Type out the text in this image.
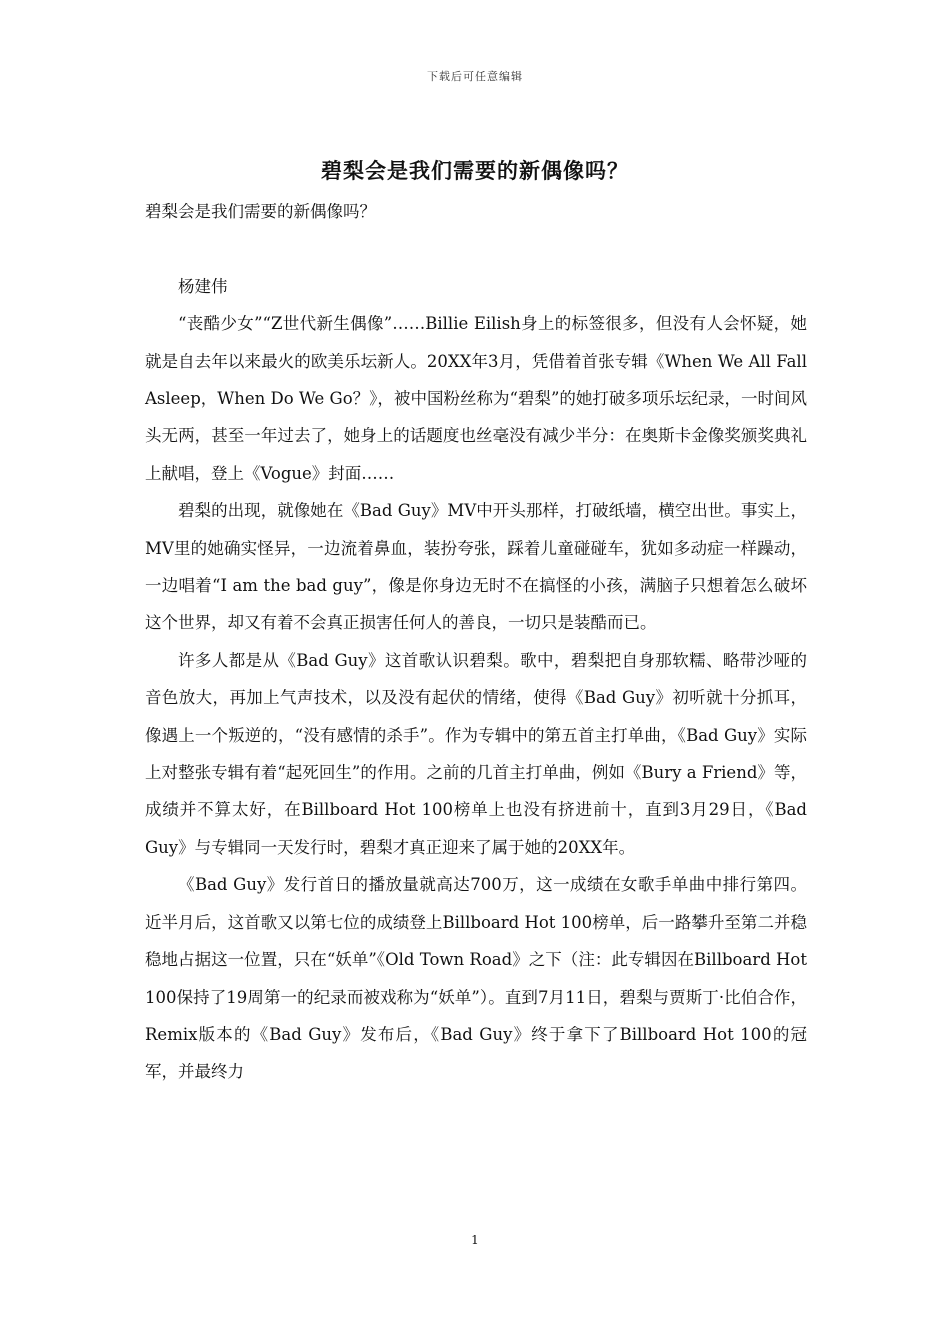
下载后可任意编辑
碧梨会是我们需要的新偶像吗？

碧梨会是我们需要的新偶像吗？

杨建伟

“丧酷少女”“Z世代新生偶像”……Billie Eilish身上的标签很多，但没有人会怀疑，她就是自去年以来最火的欧美乐坛新人。20XX年3月，凭借着首张专辑《When We All Fall Asleep，When Do We Go？》，被中国粉丝称为“碧梨”的她打破多项乐坛纪录，一时间风头无两，甚至一年过去了，她身上的话题度也丝毫没有减少半分：在奥斯卡金像奖颁奖典礼上献唱，登上《Vogue》封面……

碧梨的出现，就像她在《Bad Guy》MV中开头那样，打破纸墙，横空出世。事实上，MV里的她确实怪异，一边流着鼻血，装扮夸张，踩着儿童碰碰车，犹如多动症一样躁动，一边唱着“I am the bad guy”，像是你身边无时不在搞怪的小孩，满脑子只想着怎么破坏这个世界，却又有着不会真正损害任何人的善良，一切只是装酷而已。

许多人都是从《Bad Guy》这首歌认识碧梨。歌中，碧梨把自身那软糯、略带沙哑的音色放大，再加上气声技术，以及没有起伏的情绪，使得《Bad Guy》初听就十分抓耳，像遇上一个叛逆的，“没有感情的杀手”。作为专辑中的第五首主打单曲，《Bad Guy》实际上对整张专辑有着“起死回生”的作用。之前的几首主打单曲，例如《Bury a Friend》等，成绩并不算太好，在Billboard Hot 100榜单上也没有挤进前十，直到3月29日，《Bad Guy》与专辑同一天发行时，碧梨才真正迎来了属于她的20XX年。

《Bad Guy》发行首日的播放量就高达700万，这一成绩在女歌手单曲中排行第四。近半月后，这首歌又以第七位的成绩登上Billboard Hot 100榜单，后一路攀升至第二并稳稳地占据这一位置，只在“妖单”《Old Town Road》之下（注：此专辑因在Billboard Hot 100保持了19周第一的纪录而被戏称为“妖单”）。直到7月11日，碧梨与贾斯丁·比伯合作，Remix版本的《Bad Guy》发布后，《Bad Guy》终于拿下了Billboard Hot 100的冠军，并最终力

1
